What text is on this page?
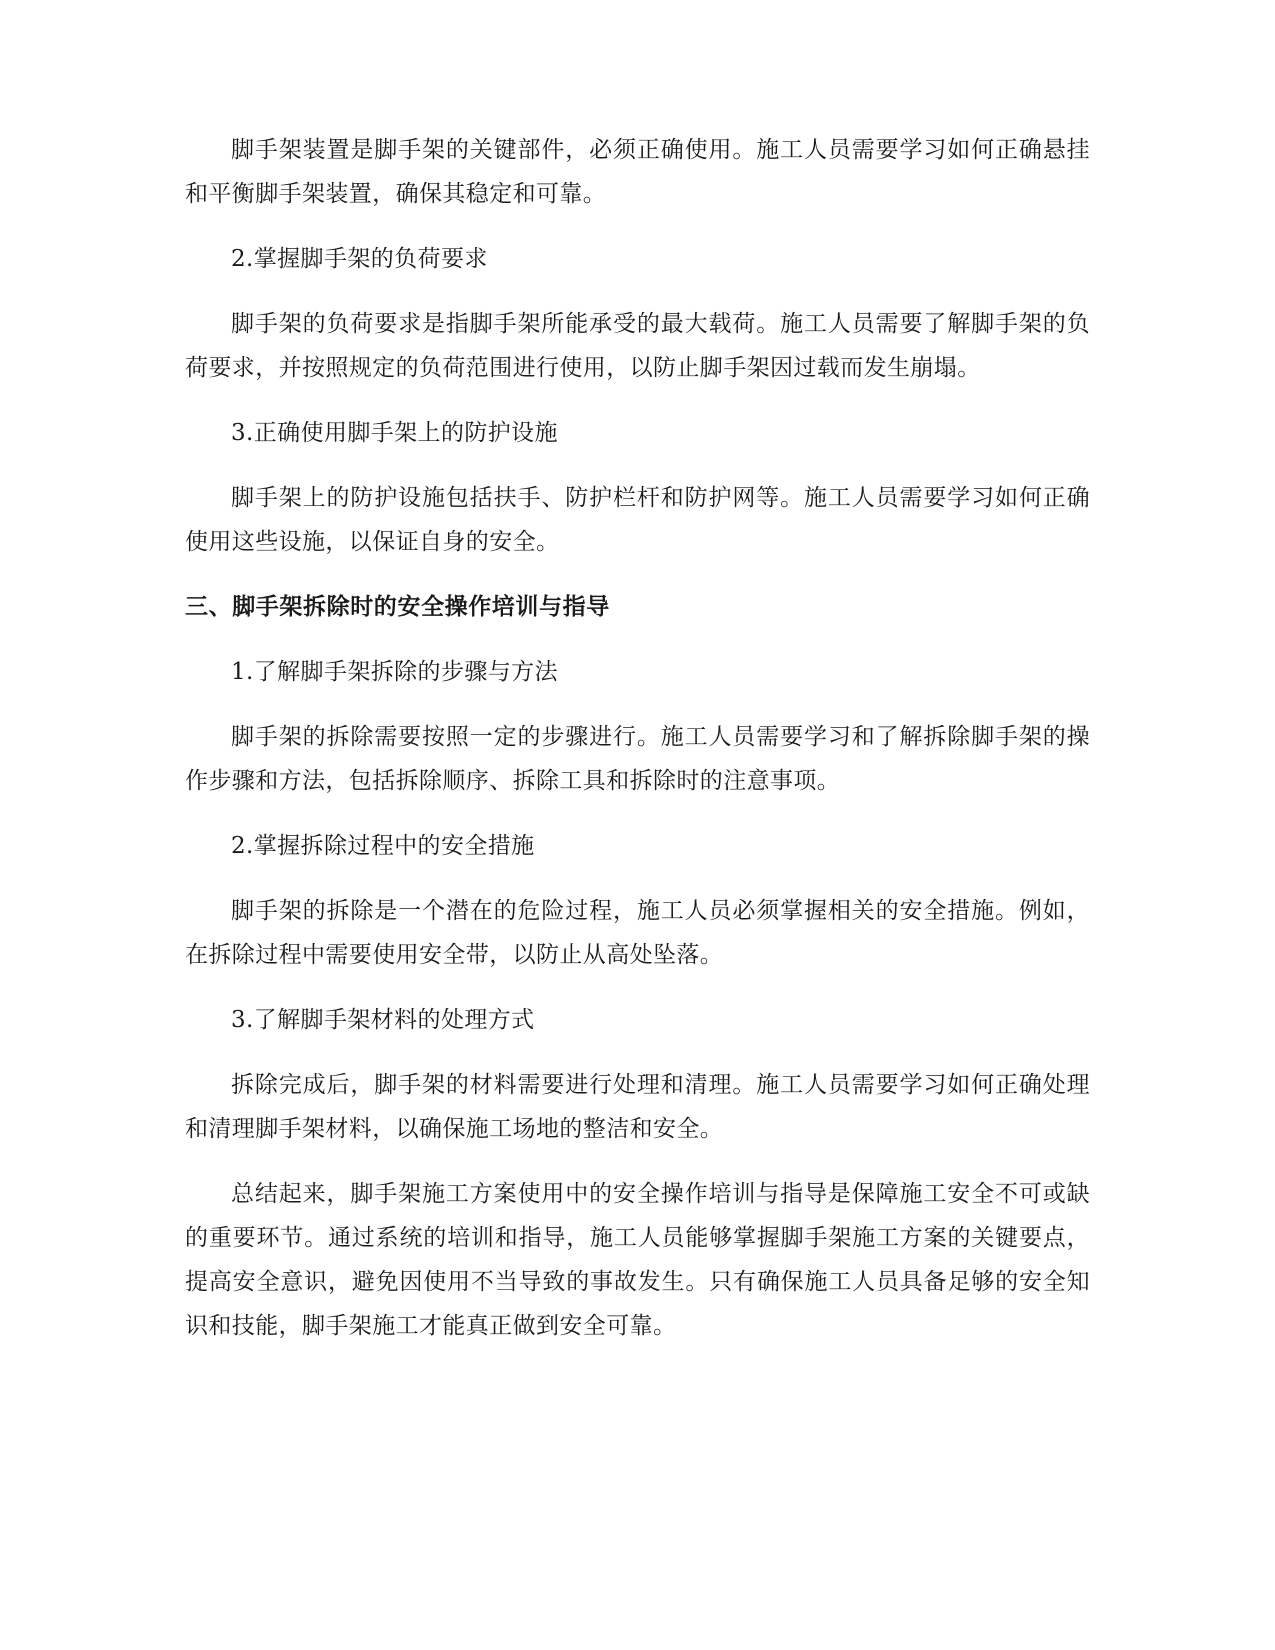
脚手架装置是脚手架的关键部件，必须正确使用。施工人员需要学习如何正确悬挂和平衡脚手架装置，确保其稳定和可靠。

2.掌握脚手架的负荷要求

脚手架的负荷要求是指脚手架所能承受的最大载荷。施工人员需要了解脚手架的负荷要求，并按照规定的负荷范围进行使用，以防止脚手架因过载而发生崩塌。

3.正确使用脚手架上的防护设施

脚手架上的防护设施包括扶手、防护栏杆和防护网等。施工人员需要学习如何正确使用这些设施，以保证自身的安全。

三、脚手架拆除时的安全操作培训与指导

1.了解脚手架拆除的步骤与方法

脚手架的拆除需要按照一定的步骤进行。施工人员需要学习和了解拆除脚手架的操作步骤和方法，包括拆除顺序、拆除工具和拆除时的注意事项。

2.掌握拆除过程中的安全措施

脚手架的拆除是一个潜在的危险过程，施工人员必须掌握相关的安全措施。例如，在拆除过程中需要使用安全带，以防止从高处坠落。

3.了解脚手架材料的处理方式

拆除完成后，脚手架的材料需要进行处理和清理。施工人员需要学习如何正确处理和清理脚手架材料，以确保施工场地的整洁和安全。

总结起来，脚手架施工方案使用中的安全操作培训与指导是保障施工安全不可或缺的重要环节。通过系统的培训和指导，施工人员能够掌握脚手架施工方案的关键要点，提高安全意识，避免因使用不当导致的事故发生。只有确保施工人员具备足够的安全知识和技能，脚手架施工才能真正做到安全可靠。
